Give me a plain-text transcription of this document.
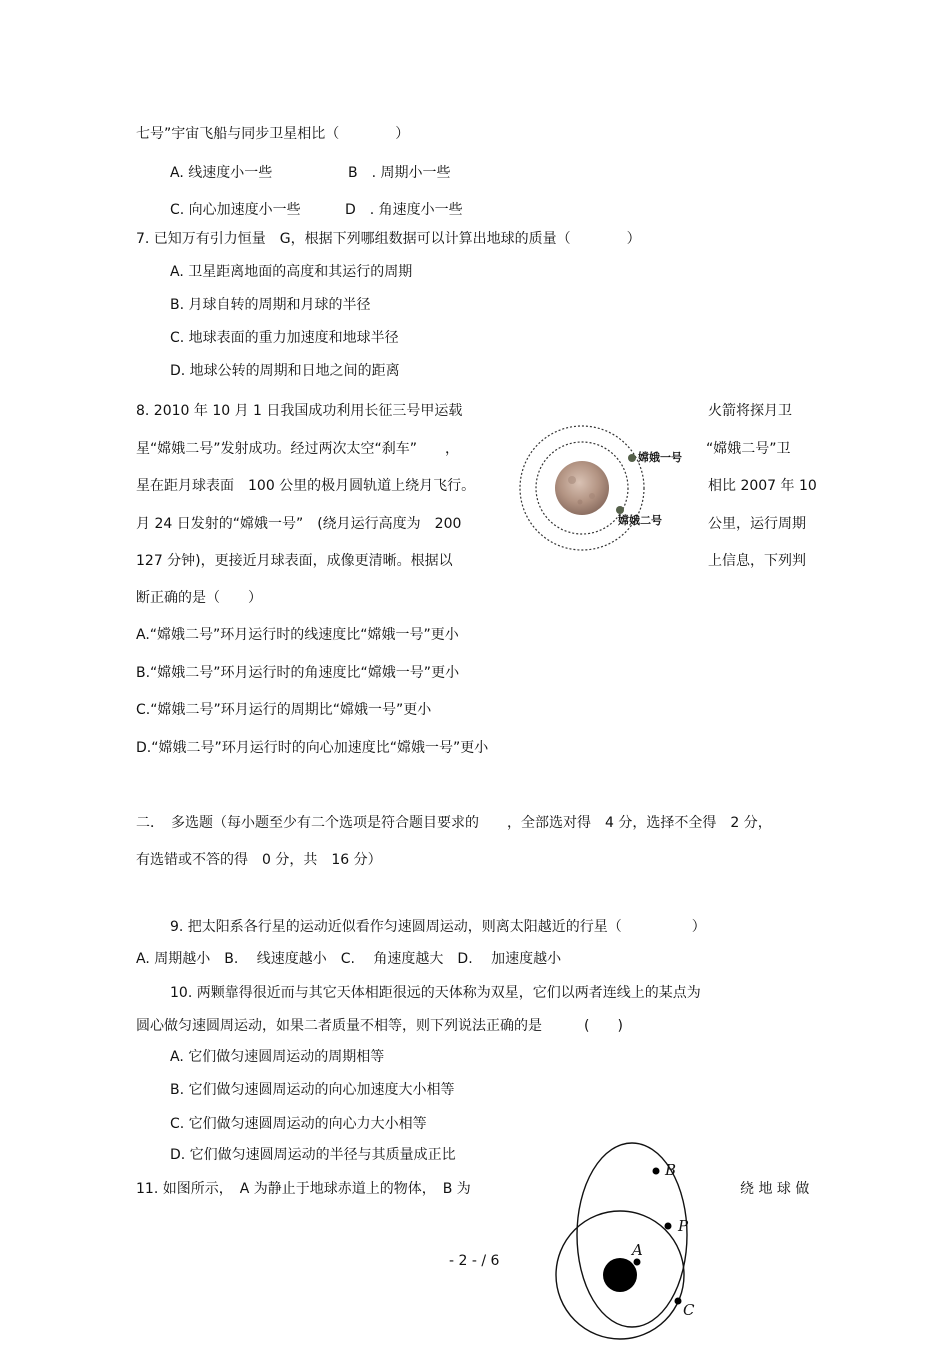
七号”宇宙飞船与同步卫星相比（　　　　）
A. 线速度小一些	B　. 周期小一些
C. 向心加速度小一些	D　. 角速度小一些
7. 已知万有引力恒量　G，根据下列哪组数据可以计算出地球的质量（　　　　）
A. 卫星距离地面的高度和其运行的周期
B. 月球自转的周期和月球的半径
C. 地球表面的重力加速度和地球半径
D. 地球公转的周期和日地之间的距离
8. 2010 年 10 月 1 日我国成功利用长征三号甲运载	火箭将探月卫
星“嫦娥二号”发射成功。经过两次太空“刹车”　　，	“嫦娥二号”卫
星在距月球表面　100 公里的极月圆轨道上绕月飞行。	相比 2007 年 10
月 24 日发射的“嫦娥一号”　(绕月运行高度为　200	公里，运行周期
127 分钟)，更接近月球表面，成像更清晰。根据以	上信息，下列判
断正确的是（　　）
A.“嫦娥二号”环月运行时的线速度比“嫦娥一号”更小
B.“嫦娥二号”环月运行时的角速度比“嫦娥一号”更小
C.“嫦娥二号”环月运行的周期比“嫦娥一号”更小
D.“嫦娥二号”环月运行时的向心加速度比“嫦娥一号”更小
嫦娥一号
嫦娥二号
二．　多选题（每小题至少有二个选项是符合题目要求的　　，全部选对得　4 分，选择不全得　2 分，
有选错或不答的得　0 分，共　16 分）
9. 把太阳系各行星的运动近似看作匀速圆周运动，则离太阳越近的行星（　　　　　）
A. 周期越小　B.　 线速度越小　C.　 角速度越大　D.　 加速度越小
10. 两颗靠得很近而与其它天体相距很远的天体称为双星，它们以两者连线上的某点为
圆心做匀速圆周运动，如果二者质量不相等，则下列说法正确的是　　　(　　)
A. 它们做匀速圆周运动的周期相等
B. 它们做匀速圆周运动的向心加速度大小相等
C. 它们做匀速圆周运动的向心力大小相等
D. 它们做匀速圆周运动的半径与其质量成正比
11. 如图所示，　A 为静止于地球赤道上的物体，　B 为	绕 地 球 做
A
B
P
C
- 2 - / 6
